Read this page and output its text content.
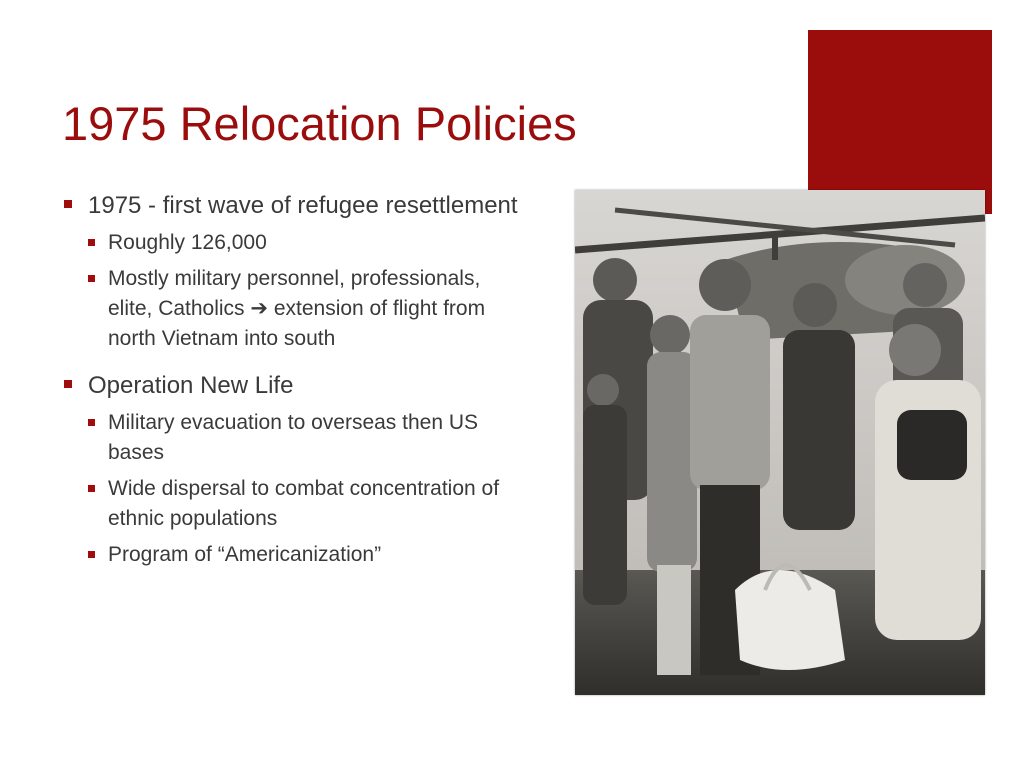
1975 Relocation Policies
1975 - first wave of refugee resettlement
Roughly 126,000
Mostly military personnel, professionals, elite, Catholics ➔ extension of flight from north Vietnam into south
Operation New Life
Military evacuation to overseas then US bases
Wide dispersal to combat concentration of ethnic populations
Program of “Americanization”
